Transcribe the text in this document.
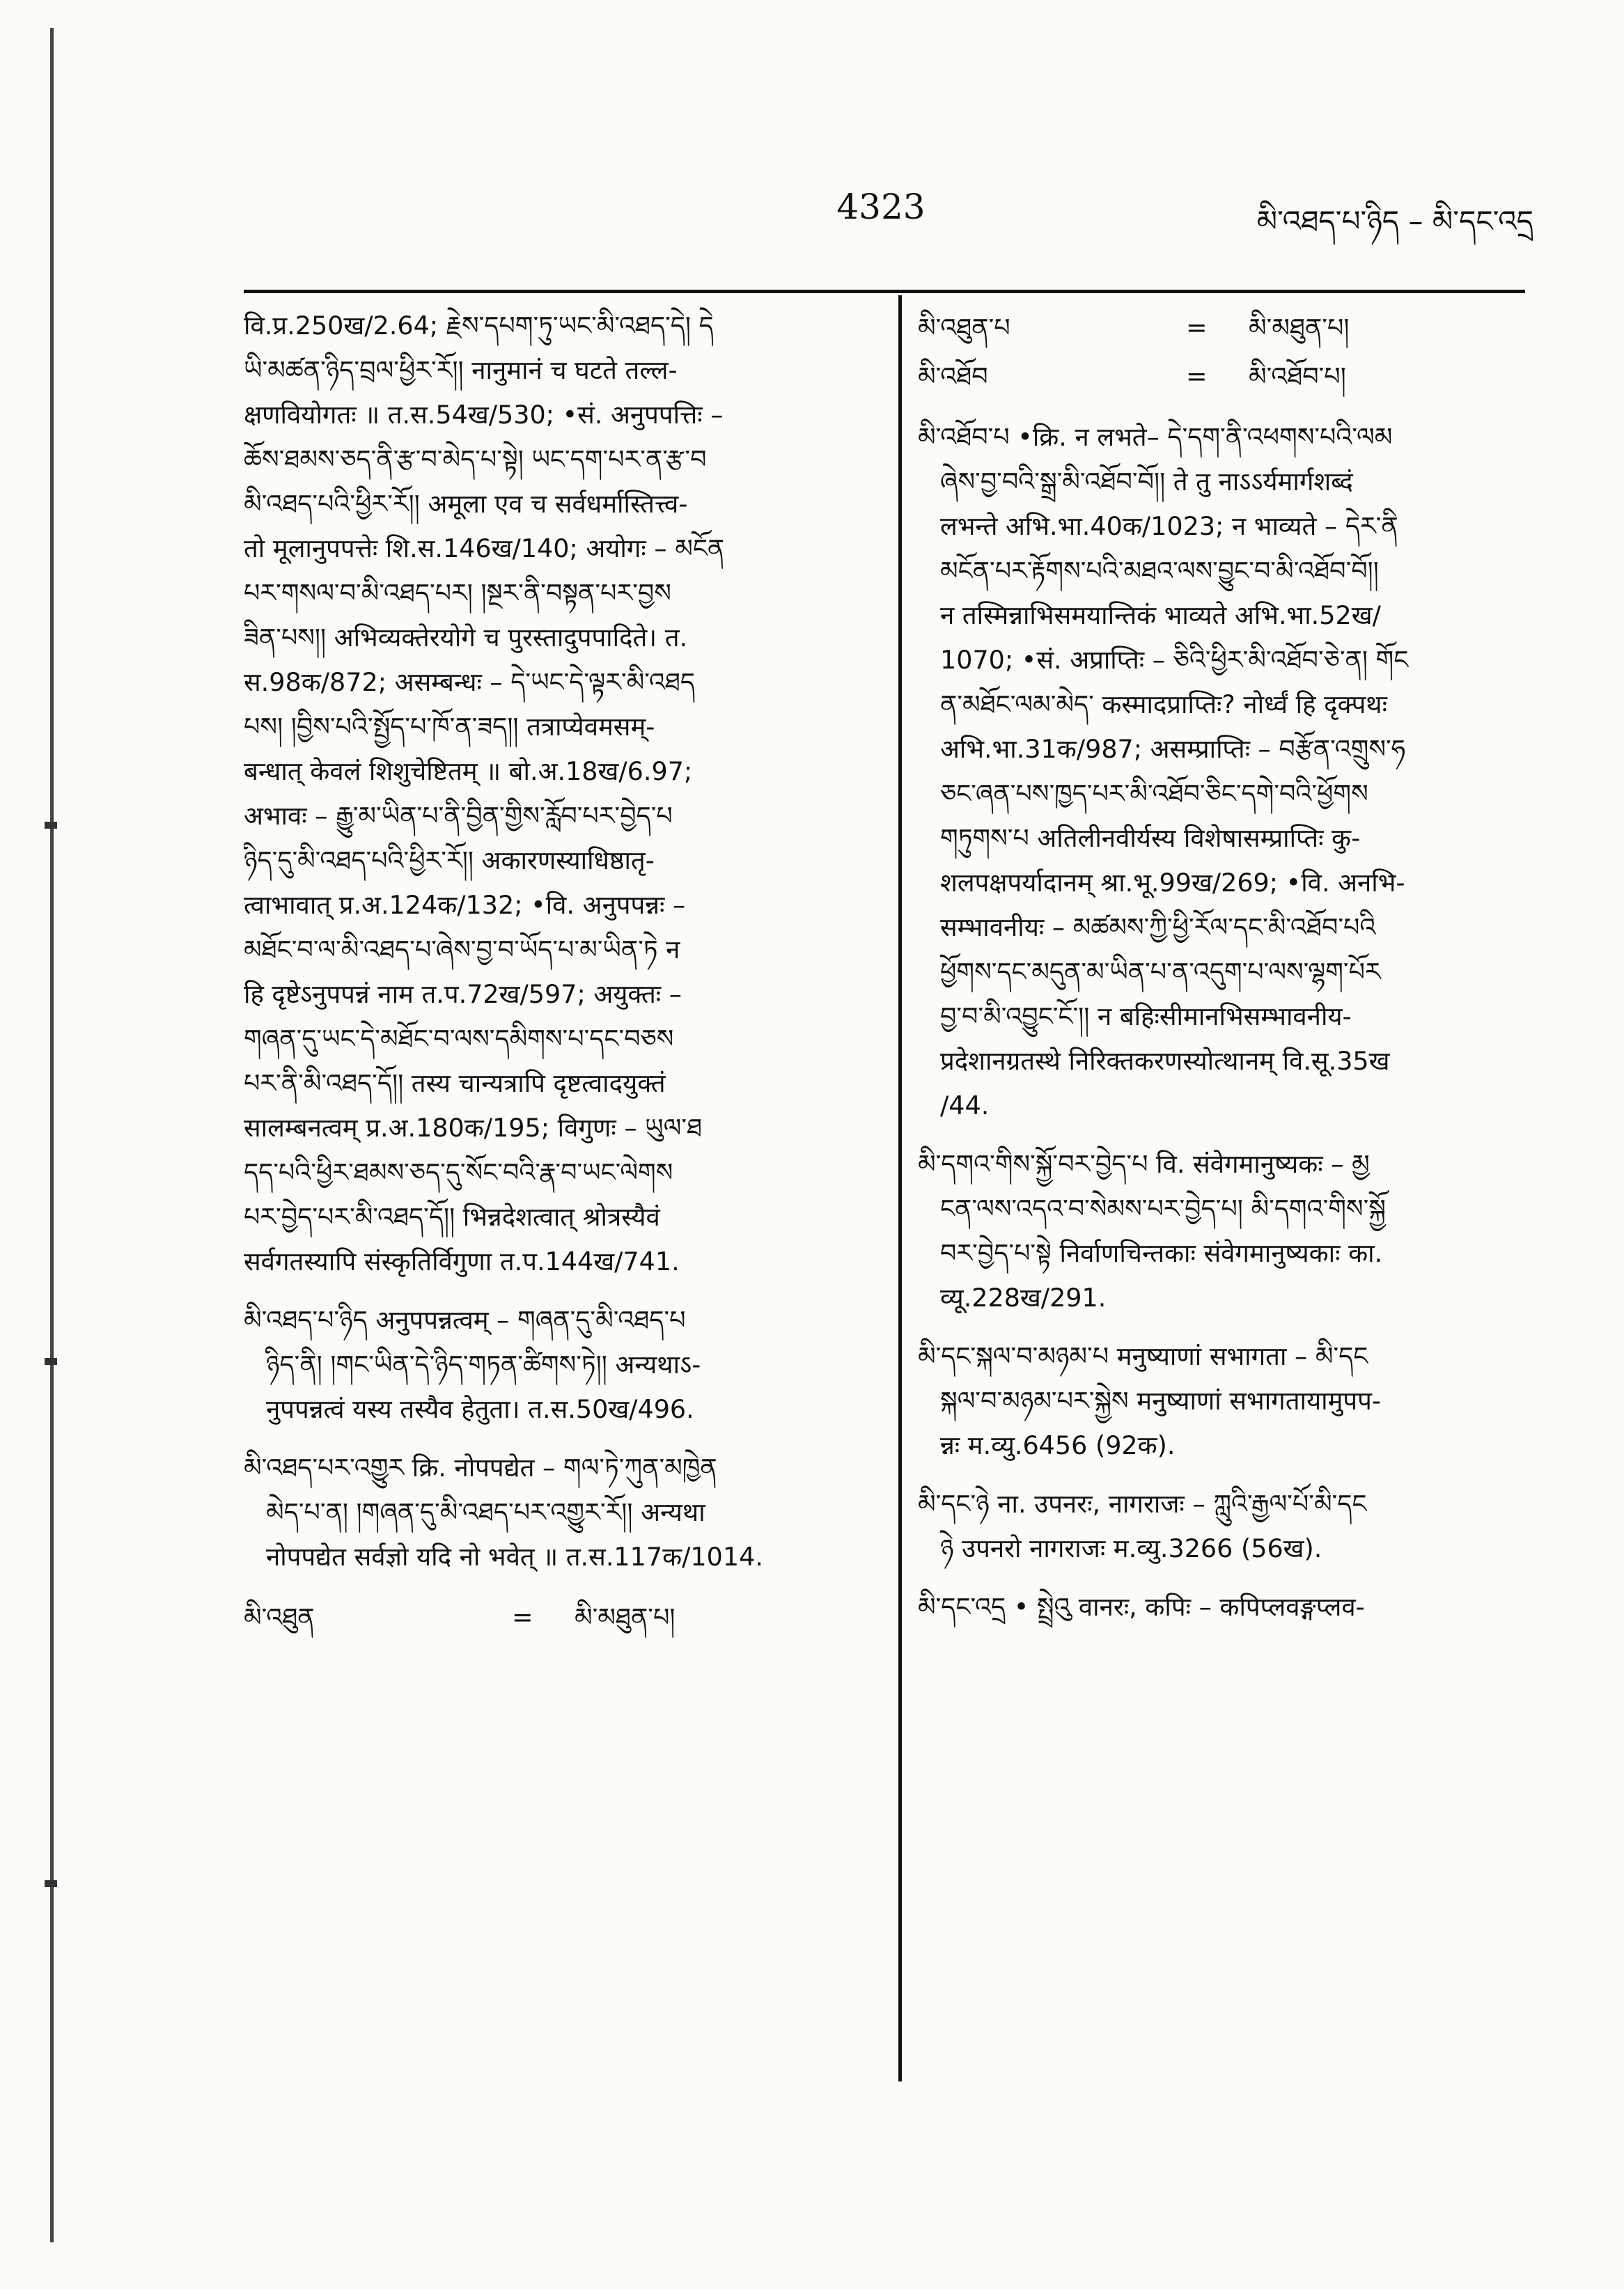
4323	མི་འཐད་པ་ཉིད – མི་དང་འདྲ
वि.प्र.250ख/2.64; རྗེས་དཔག་ཏུ་ཡང་མི་འཐད་དེ། དེ
ཡི་མཚན་ཉིད་བྲལ་ཕྱིར་རོ།། नानुमानं च घटते तल्ल-
क्षणवियोगतः ॥ त.स.54ख/530; •सं. अनुपपत्तिः –
ཆོས་ཐམས་ཅད་ནི་རྩ་བ་མེད་པ་སྟེ། ཡང་དག་པར་ན་རྩ་བ
མི་འཐད་པའི་ཕྱིར་རོ།། अमूला एव च सर्वधर्मास्तित्त्व-
तो मूलानुपपत्तेः शि.स.146ख/140; अयोगः – མངོན
པར་གསལ་བ་མི་འཐད་པར། །སྔར་ནི་བསྟན་པར་བྱས
ཟིན་པས།། अभिव्यक्तेरयोगे च पुरस्तादुपपादिते। त.
स.98क/872; असम्बन्धः – དེ་ཡང་དེ་ལྟར་མི་འཐད
པས། །བྱིས་པའི་སྤྱོད་པ་ཁོ་ན་ཟད།། तत्राप्येवमसम्-
बन्धात् केवलं शिशुचेष्टितम् ॥ बो.अ.18ख/6.97;
अभावः – རྒྱུ་མ་ཡིན་པ་ནི་བྱིན་གྱིས་རློབ་པར་བྱེད་པ
ཉིད་དུ་མི་འཐད་པའི་ཕྱིར་རོ།། अकारणस्याधिष्ठातृ-
त्वाभावात् प्र.अ.124क/132; •वि. अनुपपन्नः –
མཐོང་བ་ལ་མི་འཐད་པ་ཞེས་བྱ་བ་ཡོད་པ་མ་ཡིན་ཏེ न
हि दृष्टेऽनुपपन्नं नाम त.प.72ख/597; अयुक्तः –
གཞན་དུ་ཡང་དེ་མཐོང་བ་ལས་དམིགས་པ་དང་བཅས
པར་ནི་མི་འཐད་དོ།། तस्य चान्यत्रापि दृष्टत्वादयुक्तं
सालम्बनत्वम् प्र.अ.180क/195; विगुणः – ཡུལ་ཐ
དད་པའི་ཕྱིར་ཐམས་ཅད་དུ་སོང་བའི་རྣ་བ་ཡང་ལེགས
པར་བྱེད་པར་མི་འཐད་དོ།། भिन्नदेशत्वात् श्रोत्रस्यैवं
सर्वगतस्यापि संस्कृतिर्विगुणा त.प.144ख/741.
མི་འཐད་པ་ཉིད अनुपपन्नत्वम् – གཞན་དུ་མི་འཐད་པ
ཉིད་ནི། །གང་ཡིན་དེ་ཉིད་གཏན་ཚིགས་ཏེ།། अन्यथाऽ-
नुपपन्नत्वं यस्य तस्यैव हेतुता। त.स.50ख/496.
མི་འཐད་པར་འགྱུར क्रि. नोपपद्येत – གལ་ཏེ་ཀུན་མཁྱེན
མེད་པ་ན། །གཞན་དུ་མི་འཐད་པར་འགྱུར་རོ།། अन्यथा
नोपपद्येत सर्वज्ञो यदि नो भवेत् ॥ त.स.117क/1014.
མི་འཐུན	=	མི་མཐུན་པ།
མི་འཐུན་པ	=	མི་མཐུན་པ།
མི་འཐོབ	=	མི་འཐོབ་པ།
མི་འཐོབ་པ •क्रि. न लभते– དེ་དག་ནི་འཕགས་པའི་ལམ
ཞེས་བྱ་བའི་སྒྲ་མི་འཐོབ་བོ།། ते तु नाऽऽर्यमार्गशब्दं
लभन्ते अभि.भा.40क/1023; न भाव्यते – དེར་ནི
མངོན་པར་རྟོགས་པའི་མཐའ་ལས་བྱུང་བ་མི་འཐོབ་བོ།།
न तस्मिन्नाभिसमयान्तिकं भाव्यते अभि.भा.52ख/
1070; •सं. अप्राप्तिः – ཅིའི་ཕྱིར་མི་འཐོབ་ཅེ་ན། གོང
ན་མཐོང་ལམ་མེད་ कस्मादप्राप्तिः? नोर्ध्वं हि दृक्पथः
अभि.भा.31क/987; असम्प्राप्तिः – བརྩོན་འགྲུས་ཧ
ཅང་ཞན་པས་ཁྱད་པར་མི་འཐོབ་ཅིང་དགེ་བའི་ཕྱོགས
གཏུགས་པ अतिलीनवीर्यस्य विशेषासम्प्राप्तिः कु-
शलपक्षपर्यादानम् श्रा.भू.99ख/269; •वि. अनभि-
सम्भावनीयः – མཚམས་ཀྱི་ཕྱི་རོལ་དང་མི་འཐོབ་པའི
ཕྱོགས་དང་མདུན་མ་ཡིན་པ་ན་འདུག་པ་ལས་ལྷག་པོར
བྱ་བ་མི་འབྱུང་ངོ་།། न बहिःसीमानभिसम्भावनीय-
प्रदेशानग्रतस्थे निरिक्तकरणस्योत्थानम् वि.सू.35ख
/44.
མི་དགའ་གིས་སྐྱོ་བར་བྱེད་པ वि. संवेगमानुष्यकः – མྱ
ངན་ལས་འདའ་བ་སེམས་པར་བྱེད་པ། མི་དགའ་གིས་སྐྱོ
བར་བྱེད་པ་སྟེ निर्वाणचिन्तकाः संवेगमानुष्यकाः का.
व्यू.228ख/291.
མི་དང་སྐལ་བ་མཉམ་པ मनुष्याणां सभागता – མི་དང
སྐལ་བ་མཉམ་པར་སྐྱེས मनुष्याणां सभागतायामुपप-
न्नः म.व्यु.6456 (92क).
མི་དང་ཉེ ना. उपनरः, नागराजः – ཀླུའི་རྒྱལ་པོ་མི་དང
ཉེ उपनरो नागराजः म.व्यु.3266 (56ख).
མི་དང་འདྲ • སྤྲེའུ वानरः, कपिः – कपिप्लवङ्गप्लव-
